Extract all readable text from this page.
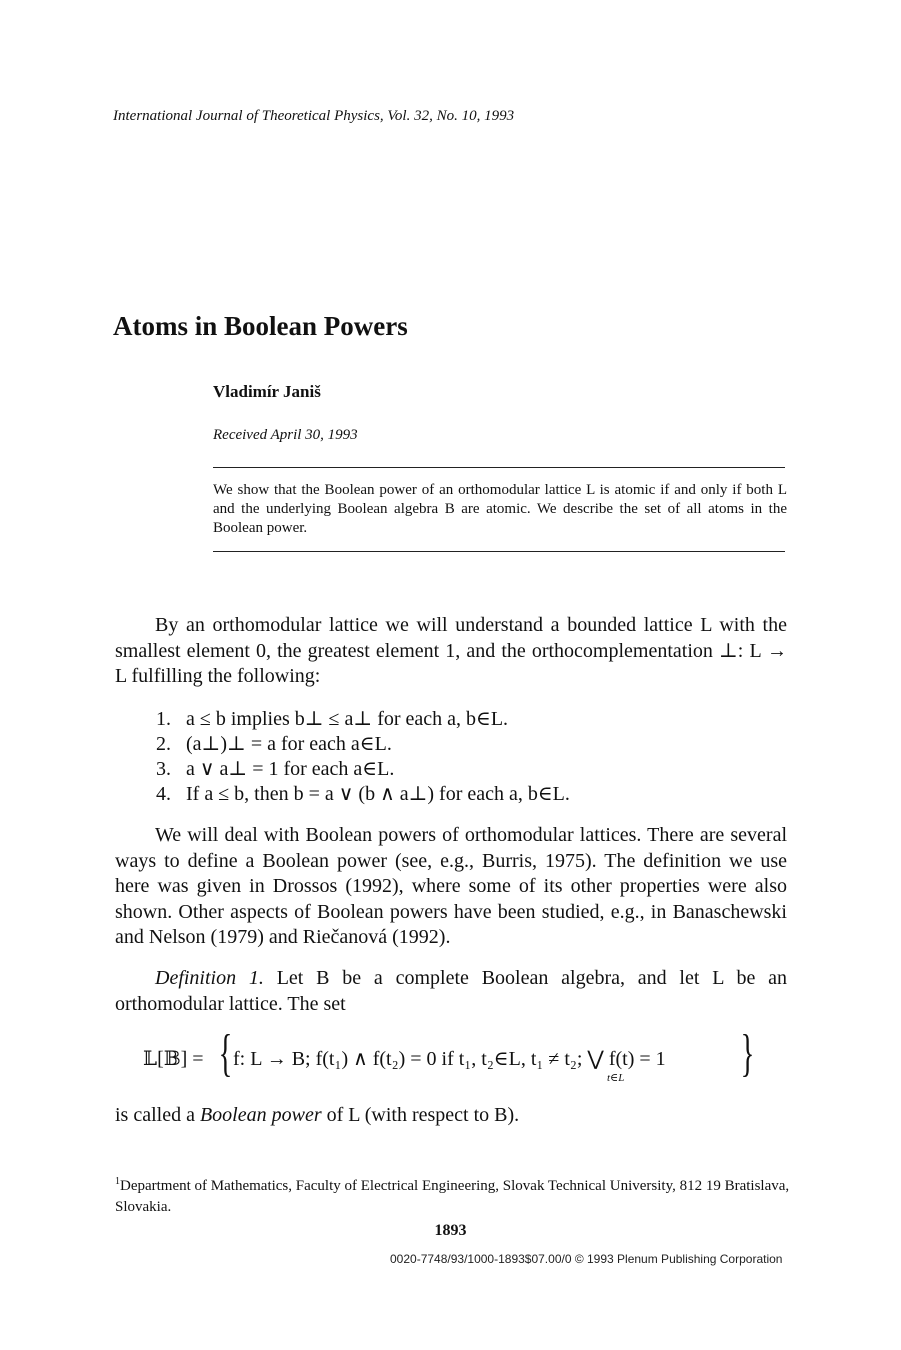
International Journal of Theoretical Physics, Vol. 32, No. 10, 1993
Atoms in Boolean Powers
Vladimír Janiš
Received April 30, 1993
We show that the Boolean power of an orthomodular lattice L is atomic if and only if both L and the underlying Boolean algebra B are atomic. We describe the set of all atoms in the Boolean power.
By an orthomodular lattice we will understand a bounded lattice L with the smallest element 0, the greatest element 1, and the orthocomplementation ⊥: L → L fulfilling the following:
1. a ≤ b implies b⊥ ≤ a⊥ for each a, b∈L.
2. (a⊥)⊥ = a for each a∈L.
3. a ∨ a⊥ = 1 for each a∈L.
4. If a ≤ b, then b = a ∨ (b ∧ a⊥) for each a, b∈L.
We will deal with Boolean powers of orthomodular lattices. There are several ways to define a Boolean power (see, e.g., Burris, 1975). The definition we use here was given in Drossos (1992), where some of its other properties were also shown. Other aspects of Boolean powers have been studied, e.g., in Banaschewski and Nelson (1979) and Riečanová (1992).
Definition 1. Let B be a complete Boolean algebra, and let L be an orthomodular lattice. The set
𝕃[𝔹] = { f: L → B; f(t₁) ∧ f(t₂) = 0 if t₁, t₂∈L, t₁ ≠ t₂; ⋁ f(t) = 1
t∈L }
is called a Boolean power of L (with respect to B).
$^1$Department of Mathematics, Faculty of Electrical Engineering, Slovak Technical University, 812 19 Bratislava, Slovakia.
1893
0020-7748/93/1000-1893$07.00/0 © 1993 Plenum Publishing Corporation
